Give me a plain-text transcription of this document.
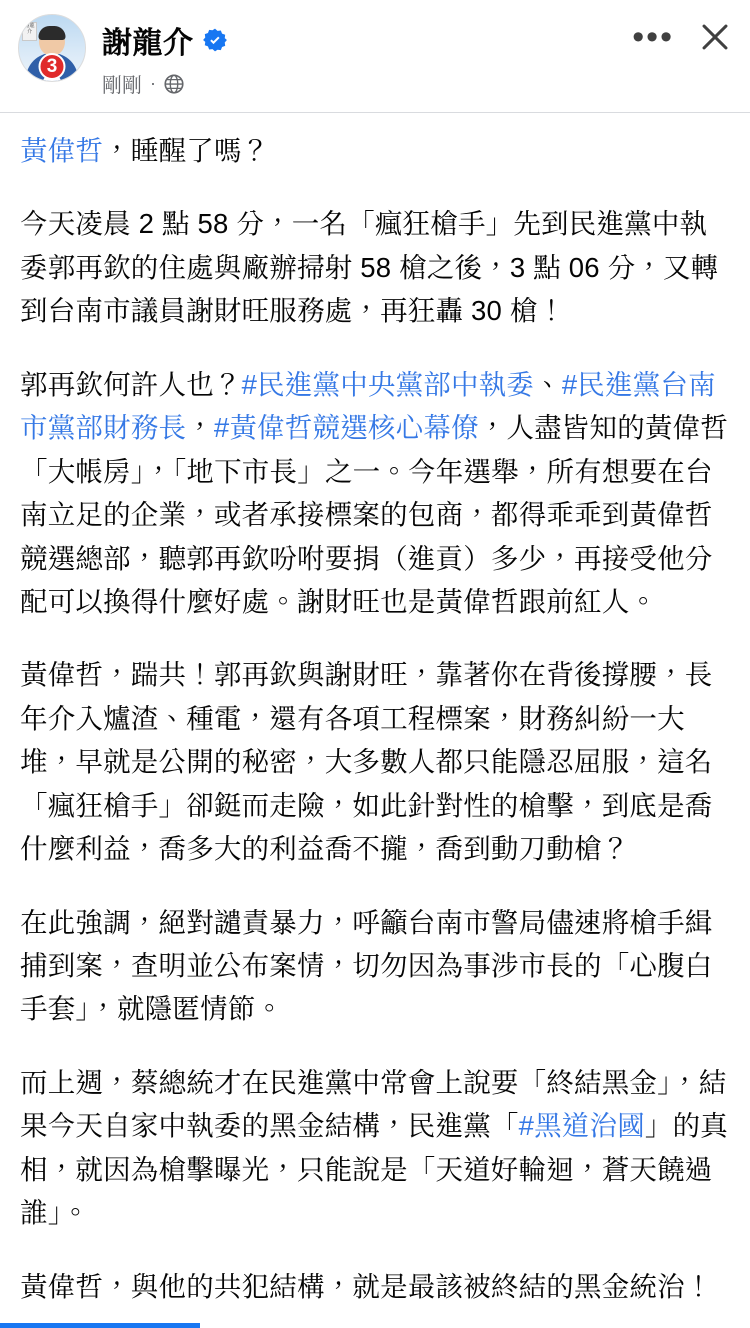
謝龍介
3
謝龍介
剛剛 ·
•••
黃偉哲，睡醒了嗎？
今天凌晨 2 點 58 分，一名「瘋狂槍手」先到民進黨中執委郭再欽的住處與廠辦掃射 58 槍之後，3 點 06 分，又轉到台南市議員謝財旺服務處，再狂轟 30 槍！
郭再欽何許人也？#民進黨中央黨部中執委、#民進黨台南市黨部財務長，#黃偉哲競選核心幕僚，人盡皆知的黃偉哲「大帳房」，「地下市長」之一。今年選舉，所有想要在台南立足的企業，或者承接標案的包商，都得乖乖到黃偉哲競選總部，聽郭再欽吩咐要捐（進貢）多少，再接受他分配可以換得什麼好處。謝財旺也是黃偉哲跟前紅人。
黃偉哲，踹共！郭再欽與謝財旺，靠著你在背後撐腰，長年介入爐渣、種電，還有各項工程標案，財務糾紛一大堆，早就是公開的秘密，大多數人都只能隱忍屈服，這名「瘋狂槍手」卻鋌而走險，如此針對性的槍擊，到底是喬什麼利益，喬多大的利益喬不攏，喬到動刀動槍？
在此強調，絕對譴責暴力，呼籲台南市警局儘速將槍手緝捕到案，查明並公布案情，切勿因為事涉市長的「心腹白手套」，就隱匿情節。
而上週，蔡總統才在民進黨中常會上說要「終結黑金」，結果今天自家中執委的黑金結構，民進黨「#黑道治國」的真相，就因為槍擊曝光，只能說是「天道好輪迴，蒼天饒過誰」。
黃偉哲，與他的共犯結構，就是最該被終結的黑金統治！
